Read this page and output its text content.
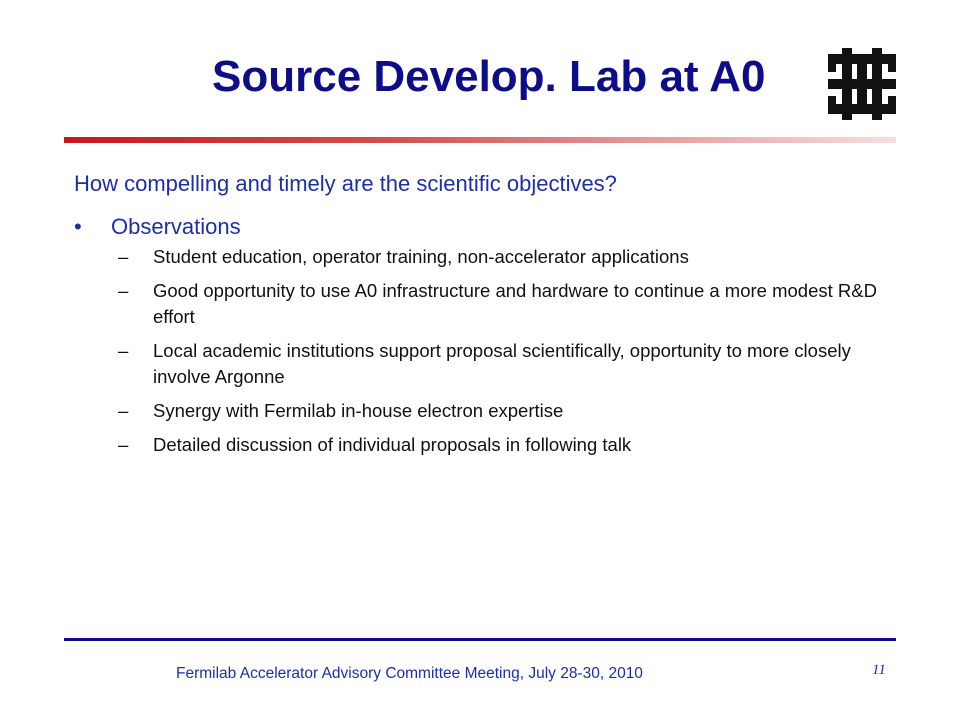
Source Develop. Lab at A0

How compelling and timely are the scientific objectives?

• Observations
– Student education, operator training, non-accelerator applications
– Good opportunity to use A0 infrastructure and hardware to continue a more modest R&D effort
– Local academic institutions support proposal scientifically, opportunity to more closely involve Argonne
– Synergy with Fermilab in-house electron expertise
– Detailed discussion of individual proposals in following talk
Fermilab Accelerator Advisory Committee Meeting, July 28-30, 2010	11
